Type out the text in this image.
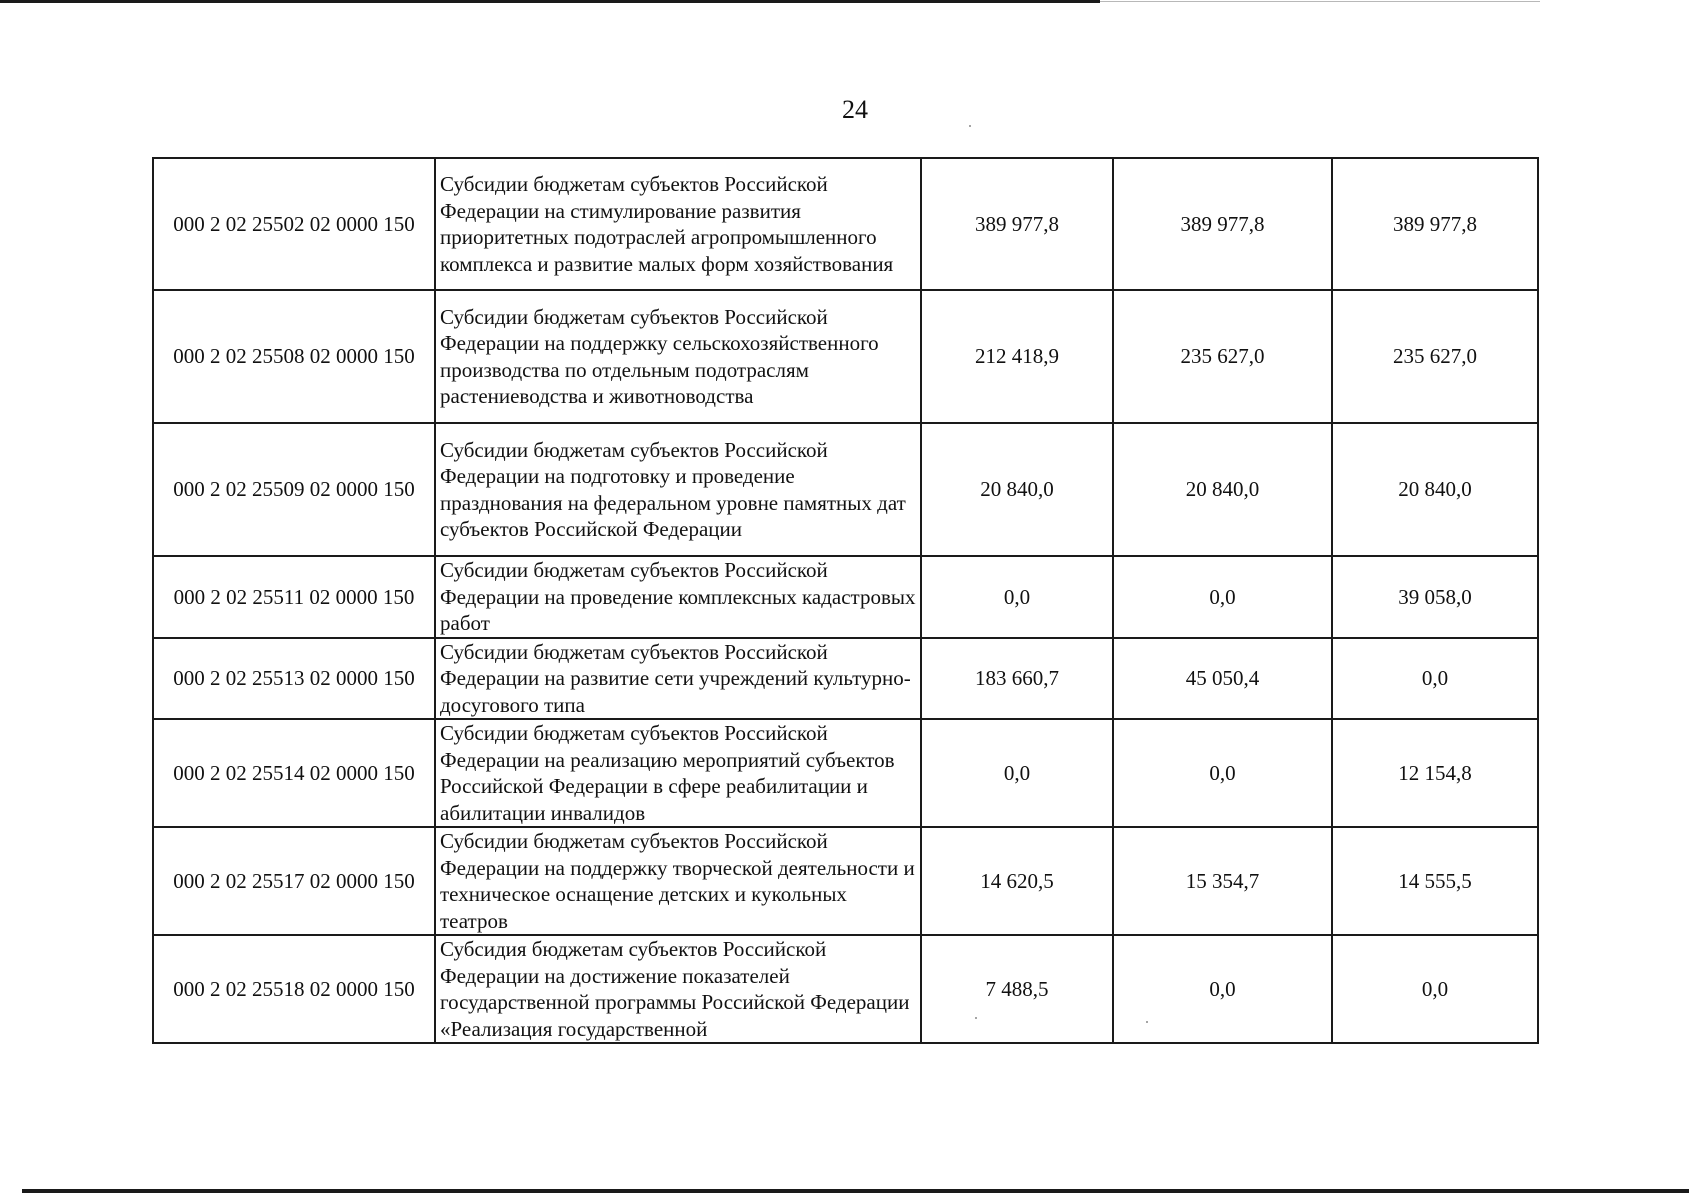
24
000 2 02 25502 02 0000 150	Субсидии бюджетам субъектов Российской Федерации на стимулирование развития приоритетных подотраслей агропромышленного комплекса и развитие малых форм хозяйствования	389 977,8	389 977,8	389 977,8
000 2 02 25508 02 0000 150	Субсидии бюджетам субъектов Российской Федерации на поддержку сельскохозяйственного производства по отдельным подотраслям растениеводства и животноводства	212 418,9	235 627,0	235 627,0
000 2 02 25509 02 0000 150	Субсидии бюджетам субъектов Российской Федерации на подготовку и проведение празднования на федеральном уровне памятных дат субъектов Российской Федерации	20 840,0	20 840,0	20 840,0
000 2 02 25511 02 0000 150	Субсидии бюджетам субъектов Российской Федерации на проведение комплексных кадастровых работ	0,0	0,0	39 058,0
000 2 02 25513 02 0000 150	Субсидии бюджетам субъектов Российской Федерации на развитие сети учреждений культурно-досугового типа	183 660,7	45 050,4	0,0
000 2 02 25514 02 0000 150	Субсидии бюджетам субъектов Российской Федерации на реализацию мероприятий субъектов Российской Федерации в сфере реабилитации и абилитации инвалидов	0,0	0,0	12 154,8
000 2 02 25517 02 0000 150	Субсидии бюджетам субъектов Российской Федерации на поддержку творческой деятельности и техническое оснащение детских и кукольных театров	14 620,5	15 354,7	14 555,5
000 2 02 25518 02 0000 150	Субсидия бюджетам субъектов Российской Федерации на достижение показателей государственной программы Российской Федерации «Реализация государственной	7 488,5	0,0	0,0
